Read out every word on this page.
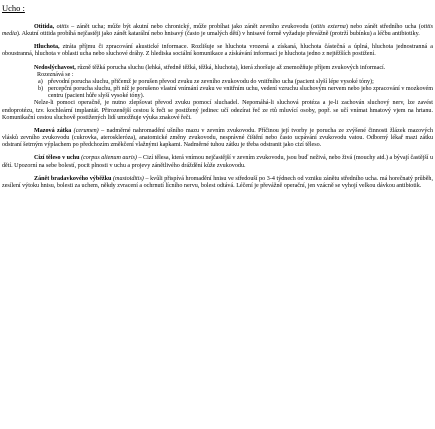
Ucho :

Otitida, otitis – zánět ucha; může být akutní nebo chronický, může probíhat jako zánět zevního zvukovodu (otitis externa) nebo zánět středního ucha (otitis media). Akutní otitida probíhá nejčastěji jako zánět katarální nebo hnisavý (často je umalých dětí) v hnisavé formě vyžaduje převážně (protrží bubínku) a léčbu antibiotiky.

Hluchota, ztráta příjmu či zpracování akustické informace. Rozlišuje se hluchota vrozená a získaná, hluchota částečná a úplná, hluchota jednostranná a oboustranná, hluchota v oblasti ucha nebo sluchové dráhy. Z hlediska sociální komunikace a získávání informací je hluchota jedno z nejtěžších postižení.

Nedoslýchavost, různě těžká porucha sluchu (lehká, středně těžká, těžká, hluchota), která zhoršuje až znemožňuje příjem zvukových informací.

Rozeznává se :

a) převodní porucha sluchu, přičemž je porušen převod zvuku ze zevního zvukovodu do vnitřního ucha (pacient slyší lépe vysoké tóny);
b) percepční porucha sluchu, při níž je porušeno vlastní vnímání zvuku ve vnitřním uchu, vedení vzruchu sluchovým nervem nebo jeho zpracování v mozkovém centru (pacient hůře slyší vysoké tóny).

Nelze-li pomoci operačně, je nutno zlepšovat převod zvuku pomocí sluchadel. Nepomáhá-li sluchová protéza a je-li zachován sluchový nerv, lze zavést endoprotézu, tzv. kochleární implantát. Přirozenější cestou k řeči se postižený jedinec učí odezírat řeč ze rtů mluvící osoby, popř. se učí vnímat hmatový vjem na hrtanu. Komunikační cestou sluchově postižených lidí umožňuje výuka znakové řeči.

Mazová zátka (cerumen) – nadměrné nahromadění ušního mazu v zevním zvukovodu. Příčinou její tvorby je porucha ze zvýšené činnosti žlázek mazových vlásků zevního zvukovodu (cukrovka, ateroskleróza), anatomické změny zvukovodu, nesprávné čištění nebo často ucpávání zvukovodu vatou. Odborný lékař mazi zátku odstraní šetrným výplachem po předchozím změkčení vlažnými kapkami. Nadměrné tuhou zátku je třeba odstranit jako cizí těleso.

Cizí těleso v uchu (corpus alienum auris) – Cizí tělesa, která vnímou nejčastější v zevním zvukovodu, jsou buď neživá, nebo živá (mouchy atd.) a bývají častější u dětí. Upozorní na sebe bolestí, pocit plnosti v uchu a projevy zánětlivého dráždění kůže zvukovodu.

Zánět bradavkového výběžku (mastoiditis) – kvůli přispívá hromadění hnisu ve středouší po 3-4 týdnech od vzniku zánětu středního ucha. má horečnatý průběh, zesílení výtoku hnisu, bolesti za uchem, někdy zvracení a ochrnutí lícního nervu, bolest odtává. Léčení je převážně operační, jen vzácně se vyhojí velkou dávkou antibiotik.
